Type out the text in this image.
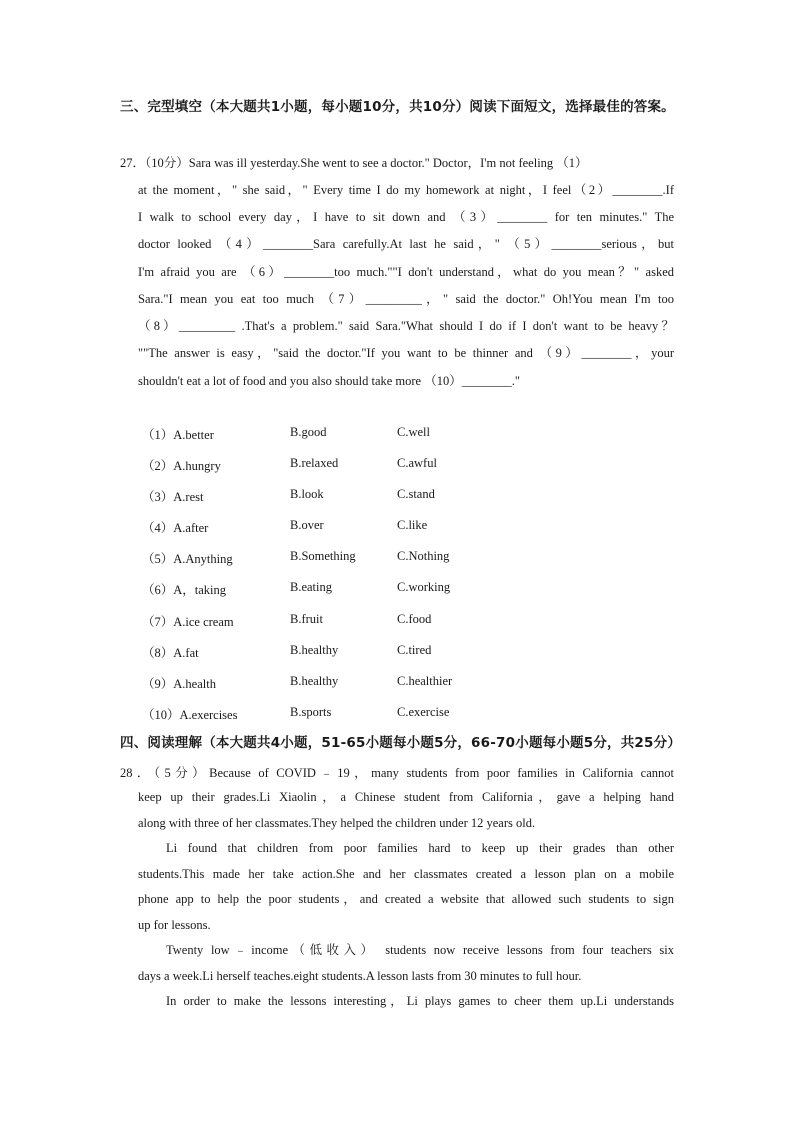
三、完型填空（本大题共1小题，每小题10分，共10分）阅读下面短文，选择最佳的答案。
27．（10分）Sara was ill yesterday.She went to see a doctor." Doctor，I'm not feeling （1）
at the moment，" she said，" Every time I do my homework at night，I feel（2）________.If
I walk to school every day，I have to sit down and （3）________ for ten minutes." The
doctor looked （4）________Sara carefully.At last he said，" （5）________serious，but
I'm afraid you are （6）________too much.""I don't understand，what do you mean？" asked
Sara."I mean you eat too much （7）_________，" said the doctor." Oh!You mean I'm too
（8）_________ .That's a problem." said Sara."What should I do if I don't want to be heavy？
""The answer is easy，"said the doctor."If you want to be thinner and （9）________，your
shouldn't eat a lot of food and you also should take more （10）________."
（1）A.better	B.good	C.well
（2）A.hungry	B.relaxed	C.awful
（3）A.rest	B.look	C.stand
（4）A.after	B.over	C.like
（5）A.Anything	B.Something	C.Nothing
（6）A，taking	B.eating	C.working
（7）A.ice cream	B.fruit	C.food
（8）A.fat	B.healthy	C.tired
（9）A.health	B.healthy	C.healthier
（10）A.exercises	B.sports	C.exercise
四、阅读理解（本大题共4小题，51-65小题每小题5分，66-70小题每小题5分，共25分）
28．（5分）Because of COVID﹣19，many students from poor families in California cannot
keep up their grades.Li Xiaolin，a Chinese student from California，gave a helping hand
along with three of her classmates.They helped the children under 12 years old.
Li found that children from poor families hard to keep up their grades than other
students.This made her take action.She and her classmates created a lesson plan on a mobile
phone app to help the poor students，and created a website that allowed such students to sign
up for lessons.
Twenty low﹣income（低收入） students now receive lessons from four teachers six
days a week.Li herself teaches.eight students.A lesson lasts from 30 minutes to full hour.
In order to make the lessons interesting，Li plays games to cheer them up.Li understands
